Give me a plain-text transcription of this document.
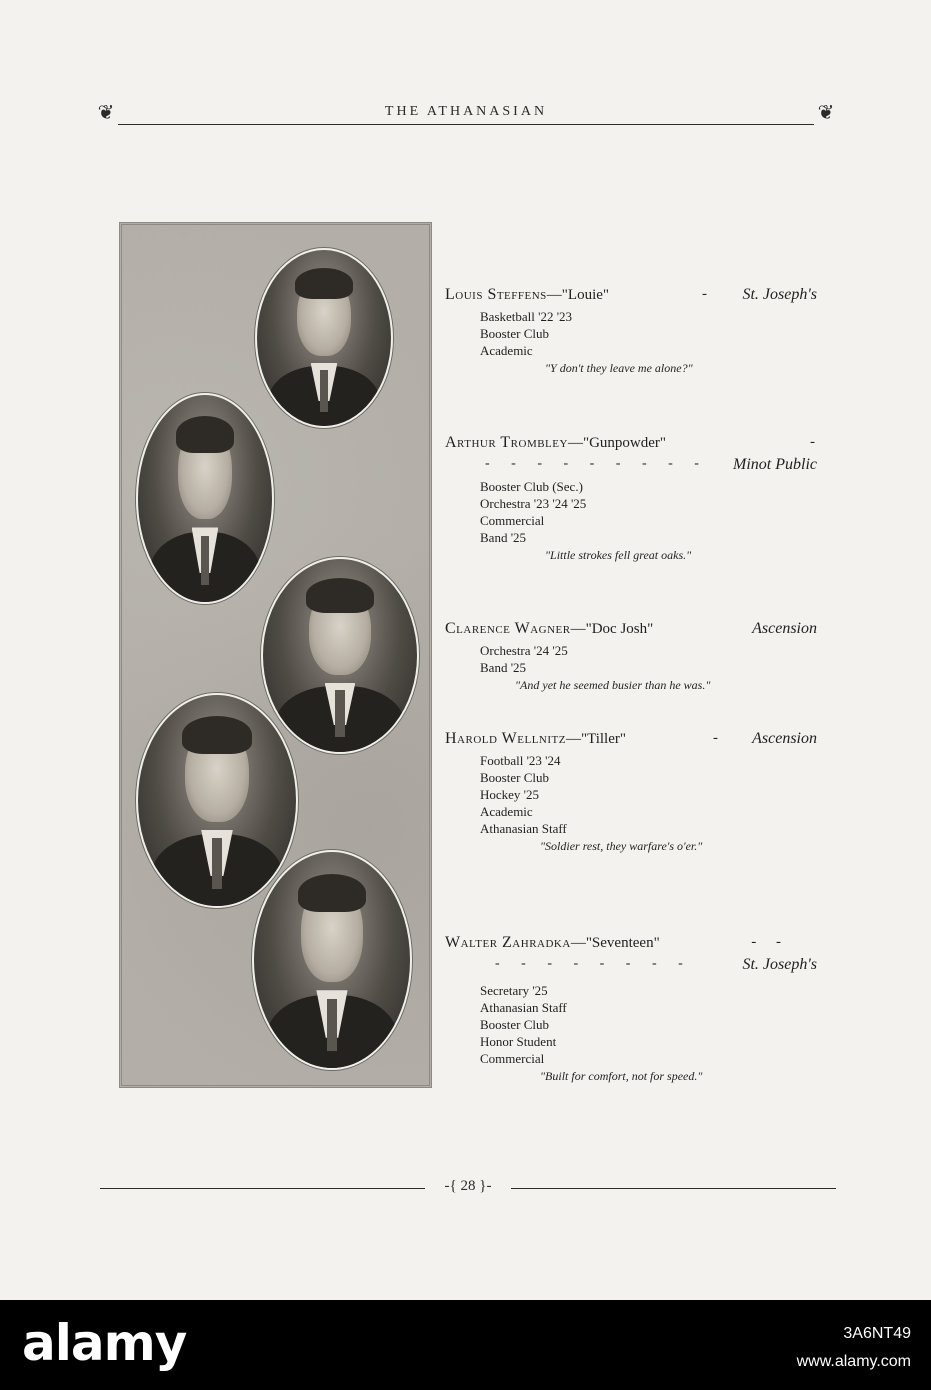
❦	THE ATHANASIAN	❦
Louis Steffens—"Louie"	- St. Joseph's
Basketball '22 '23
Booster Club
Academic
"Y don't they leave me alone?"
Arthur Trombley—"Gunpowder"	-
- - - - - - - - - Minot Public
Booster Club (Sec.)
Orchestra '23 '24 '25
Commercial
Band '25
"Little strokes fell great oaks."
Clarence Wagner—"Doc Josh"	Ascension
Orchestra '24 '25
Band '25
"And yet he seemed busier than he was."
Harold Wellnitz—"Tiller"	- Ascension
Football '23 '24
Booster Club
Hockey '25
Academic
Athanasian Staff
"Soldier rest, they warfare's o'er."
Walter Zahradka—"Seventeen"	- -
- - - - - - - -	St. Joseph's
Secretary '25
Athanasian Staff
Booster Club
Honor Student
Commercial
"Built for comfort, not for speed."
-{ 28 }-
alamy	3A6NT49
www.alamy.com
